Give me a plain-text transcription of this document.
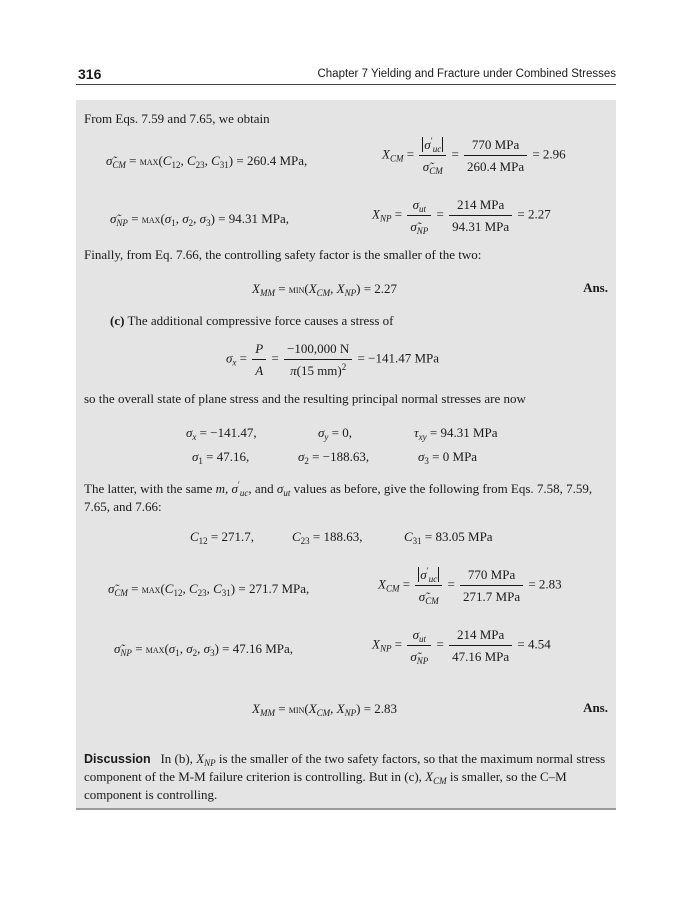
316	Chapter 7 Yielding and Fracture under Combined Stresses
From Eqs. 7.59 and 7.65, we obtain
$\sigmã_{CM} = \max(C_{12}$, $C_{23}$, $C_{31}) = 260.4$ MPa,	$X_{CM} = \frac{\sigma'_{uc}}{\sigmã_{CM}} = \frac{\text{770 MPa}}{\text{260.4 MPa}} = 2.96$
$\sigmã_{NP} = \max(\sigma_1$, $\sigma_2$, $\sigma_3) = 94.31$ MPa,	$X_{NP} = \frac{\sigma_{ut}}{\sigmã_{NP}} = \frac{\text{214 MPa}}{\text{94.31 MPa}} = 2.27$
Finally, from Eq. 7.66, the controlling safety factor is the smaller of the two:
$X_{MM} = \min(X_{CM}$, $X_{NP}) = 2.27$	Ans.
(c) The additional compressive force causes a stress of
$\sigma_x = \frac{P}{A} = \frac{-100,000 N}{\pi(15 mm)^2} = -141.47$ MPa
so the overall state of plane stress and the resulting principal normal stresses are now
$\sigma_x = -141.47$,	$\sigma_y = 0$,	$\tau_{xy} = 94.31$ MPa
$\sigma_1 = 47.16$,	$\sigma_2 = -188.63$,	$\sigma_3 = 0$ MPa
The latter, with the same m, $\sigma'_{uc}$, and $\sigma_{ut}$ values as before, give the following from Eqs. 7.58, 7.59, 7.65, and 7.66:
$C_{12} = 271.7$,	$C_{23} = 188.63$,	$C_{31} = 83.05$ MPa
$\sigmã_{CM} = \max(C_{12}$, $C_{23}$, $C_{31}) = 271.7$ MPa,	$X_{CM} = \frac{\sigma'_{uc}}{\sigmã_{CM}} = \frac{\text{770 MPa}}{\text{271.7 MPa}} = 2.83$
$\sigmã_{NP} = \max(\sigma_1$, $\sigma_2$, $\sigma_3) = 47.16$ MPa,	$X_{NP} = \frac{\sigma_{ut}}{\sigmã_{NP}} = \frac{\text{214 MPa}}{\text{47.16 MPa}} = 4.54$
$X_{MM} = \min(X_{CM}$, $X_{NP}) = 2.83$	Ans.
Discussion In (b), $X_{NP}$ is the smaller of the two safety factors, so that the maximum normal stress component of the M-M failure criterion is controlling. But in (c), $X_{CM}$ is smaller, so the C–M component is controlling.
